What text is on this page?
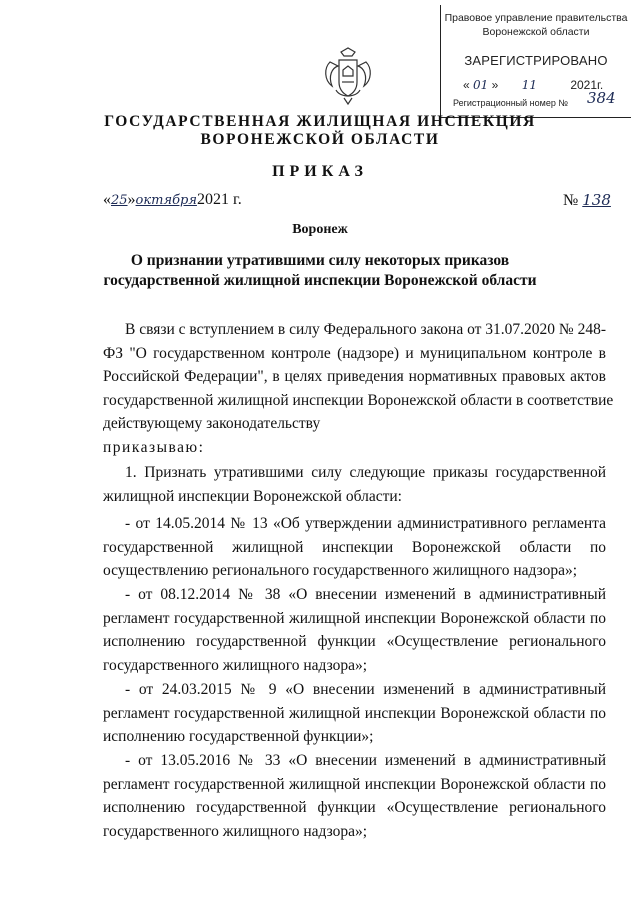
Правовое управление правительства
Воронежской области
ЗАРЕГИСТРИРОВАНО
« 01 » 11	2021г.
Регистрационный номер № 384
ГОСУДАРСТВЕННАЯ ЖИЛИЩНАЯ ИНСПЕКЦИЯ
ВОРОНЕЖСКОЙ ОБЛАСТИ
ПРИКАЗ
«25»октября2021 г.	№ 138
Воронеж
О признании утратившими силу некоторых приказов
государственной жилищной инспекции Воронежской области
В связи с вступлением в силу Федерального закона от 31.07.2020 № 248-
ФЗ "О государственном контроле (надзоре) и муниципальном контроле в
Российской Федерации", в целях приведения нормативных правовых актов
государственной жилищной инспекции Воронежской области в соответствие
действующему законодательству
приказываю:
1. Признать утратившими силу следующие приказы государственной
жилищной инспекции Воронежской области:
- от 14.05.2014 № 13 «Об утверждении административного регламента
государственной жилищной инспекции Воронежской области по
осуществлению регионального государственного жилищного надзора»;
- от 08.12.2014 № 38 «О внесении изменений в административный
регламент государственной жилищной инспекции Воронежской области по
исполнению государственной функции «Осуществление регионального
государственного жилищного надзора»;
- от 24.03.2015 № 9 «О внесении изменений в административный
регламент государственной жилищной инспекции Воронежской области по
исполнению государственной функции»;
- от 13.05.2016 № 33 «О внесении изменений в административный
регламент государственной жилищной инспекции Воронежской области по
исполнению государственной функции «Осуществление регионального
государственного жилищного надзора»;
